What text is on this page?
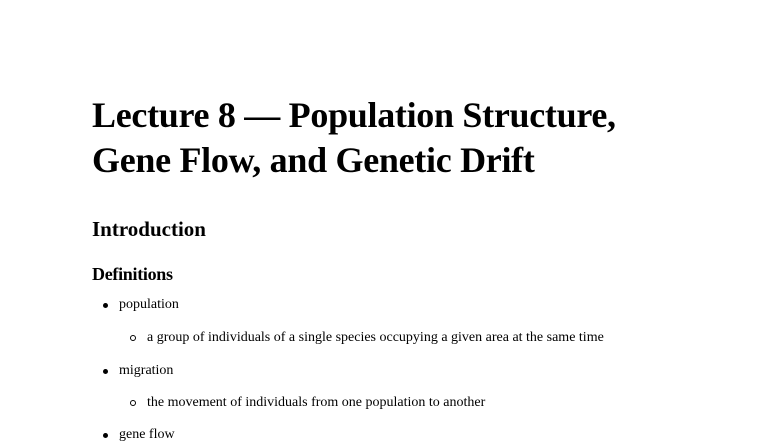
Lecture 8 — Population Structure,
Gene Flow, and Genetic Drift
Introduction
Definitions
population
a group of individuals of a single species occupying a given area at the same time
migration
the movement of individuals from one population to another
gene flow
